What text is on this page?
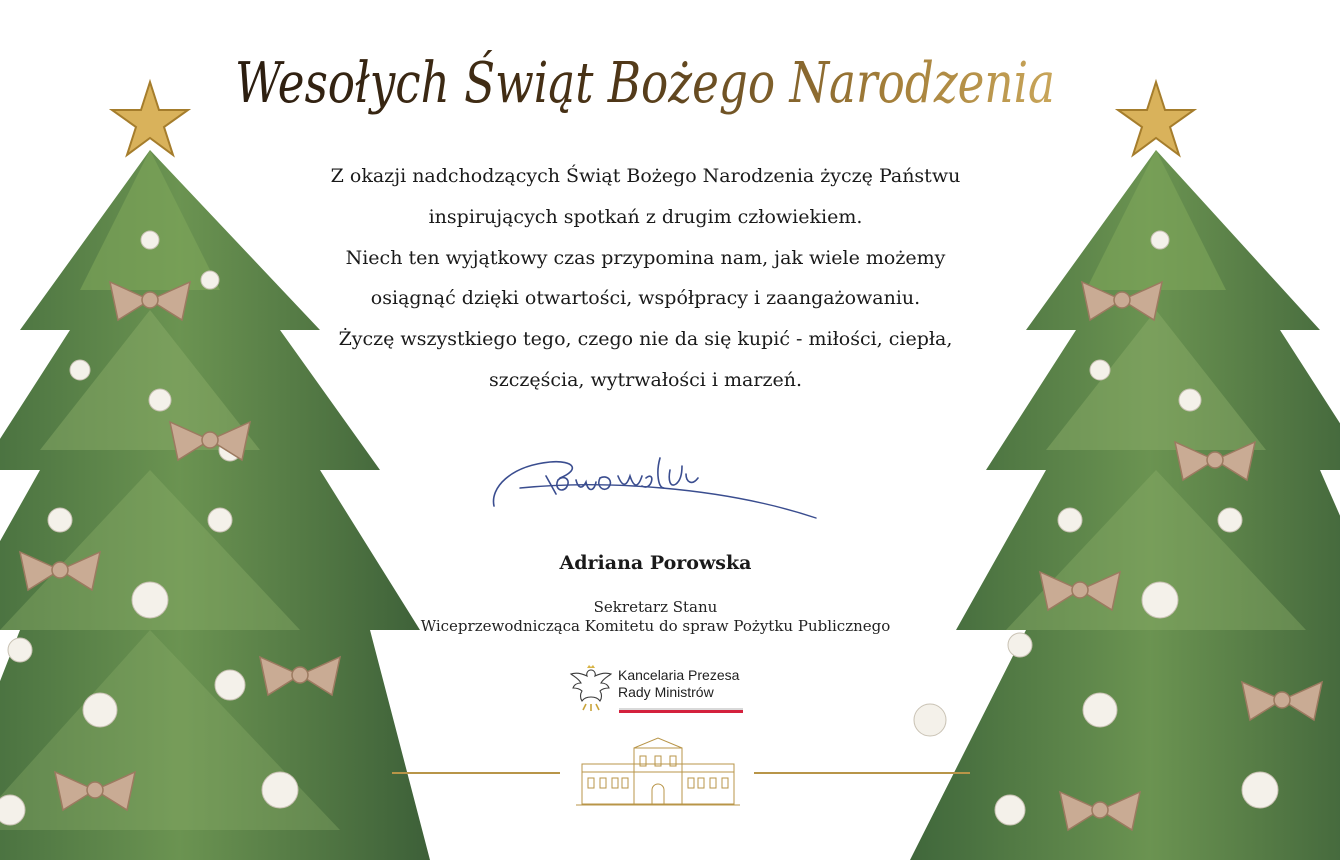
Wesołych Świąt Bożego Narodzenia
Z okazji nadchodzących Świąt Bożego Narodzenia życzę Państwu
inspirujących spotkań z drugim człowiekiem.
Niech ten wyjątkowy czas przypomina nam, jak wiele możemy
osiągnąć dzięki otwartości, współpracy i zaangażowaniu.
Życzę wszystkiego tego, czego nie da się kupić - miłości, ciepła,
szczęścia, wytrwałości i marzeń.
Adriana Porowska
Sekretarz Stanu
Wiceprzewodnicząca Komitetu do spraw Pożytku Publicznego
Kancelaria Prezesa
Rady Ministrów
